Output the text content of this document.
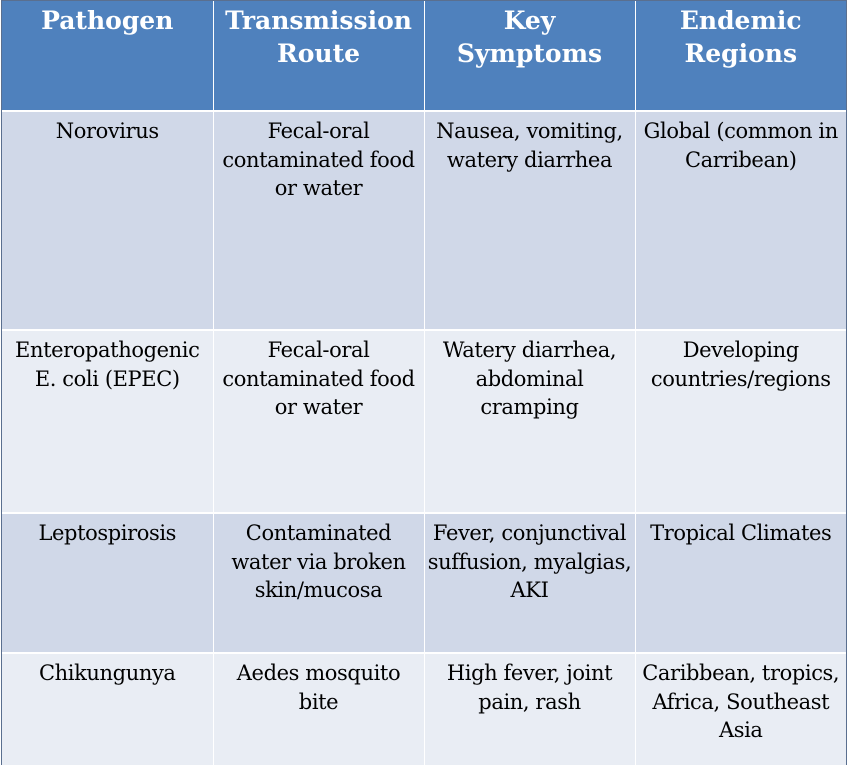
Pathogen	Transmission Route	Key Symptoms	Endemic Regions
Norovirus	Fecal-oral contaminated food or water	Nausea, vomiting, watery diarrhea	Global (common in Carribean)
Enteropathogenic E. coli (EPEC)	Fecal-oral contaminated food or water	Watery diarrhea, abdominal cramping	Developing countries/regions
Leptospirosis	Contaminated water via broken skin/mucosa	Fever, conjunctival suffusion, myalgias, AKI	Tropical Climates
Chikungunya	Aedes mosquito bite	High fever, joint pain, rash	Caribbean, tropics, Africa, Southeast Asia
